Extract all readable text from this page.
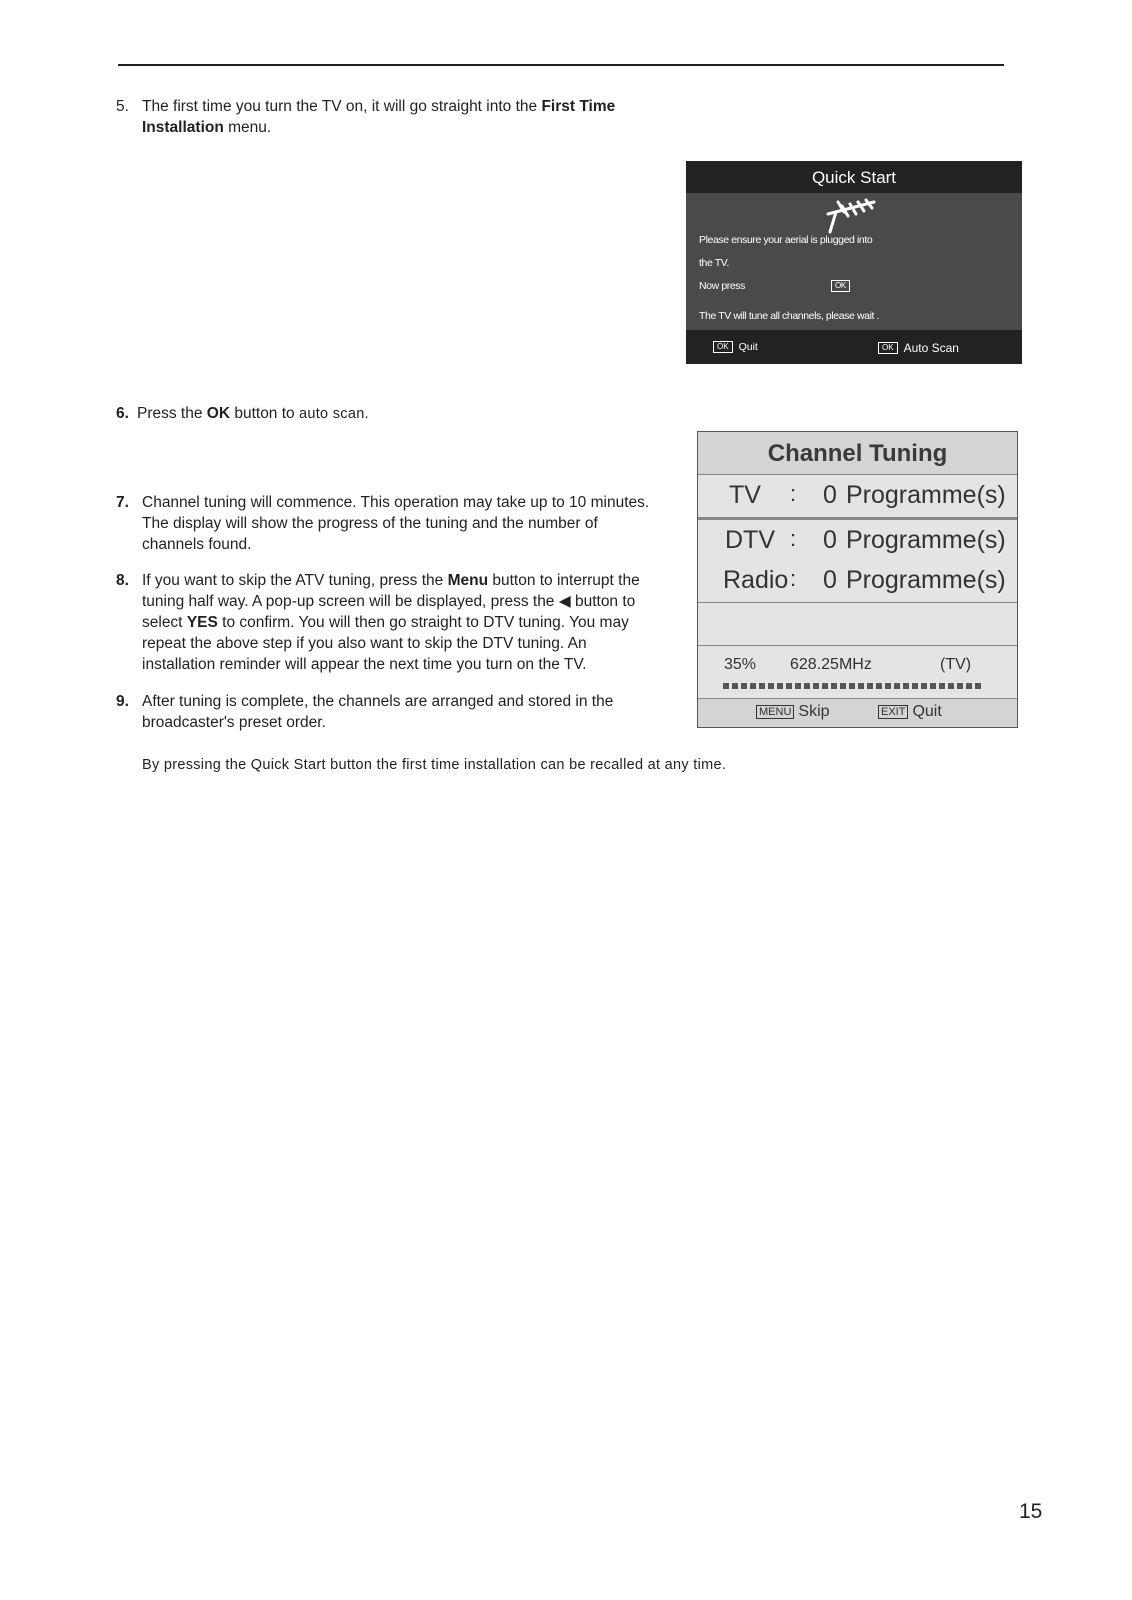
5. The first time you turn the TV on, it will go straight into the First Time Installation menu.
Quick Start
Please ensure your aerial is plugged into
the TV.
Now press	OK
The TV will tune all channels, please wait .
OK Quit	OK Auto Scan
6. Press the OK button to auto scan.
7. Channel tuning will commence. This operation may take up to 10 minutes. The display will show the progress of the tuning and the number of channels found.
8. If you want to skip the ATV tuning, press the Menu button to interrupt the tuning half way. A pop-up screen will be displayed, press the ◀ button to select YES to confirm. You will then go straight to DTV tuning. You may repeat the above step if you also want to skip the DTV tuning. An installation reminder will appear the next time you turn on the TV.
9. After tuning is complete, the channels are arranged and stored in the broadcaster's preset order.
Channel Tuning
TV : 0 Programme(s)
DTV : 0 Programme(s)
Radio : 0 Programme(s)
35% 628.25MHz	(TV)
MENU Skip	EXIT Quit
By pressing the Quick Start button the first time installation can be recalled at any time.
15
